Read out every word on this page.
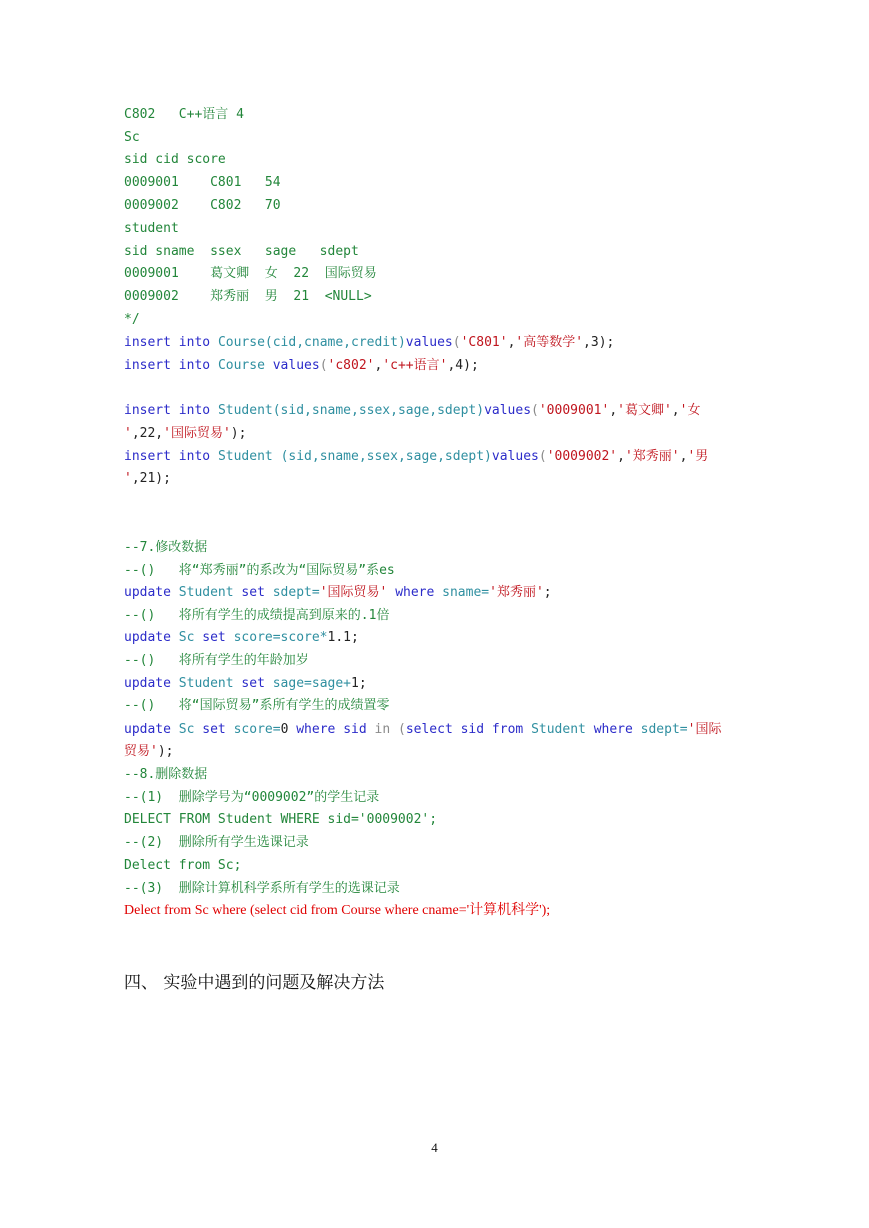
C802   C++语言 4
Sc
sid cid score
0009001    C801   54
0009002    C802   70
student
sid sname  ssex   sage   sdept
0009001    葛文卿  女  22  国际贸易
0009002    郑秀丽  男  21  <NULL>
*/
insert into Course(cid,cname,credit)values('C801','高等数学',3);
insert into Course values('c802','c++语言',4);
insert into Student(sid,sname,ssex,sage,sdept)values('0009001','葛文卿','女
',22,'国际贸易');
insert into Student (sid,sname,ssex,sage,sdept)values('0009002','郑秀丽','男
',21);
--7.修改数据
--()   将“郑秀丽”的系改为“国际贸易”系es
update Student set sdept='国际贸易' where sname='郑秀丽';
--()   将所有学生的成绩提高到原来的.1倍
update Sc set score=score*1.1;
--()   将所有学生的年龄加岁
update Student set sage=sage+1;
--()   将“国际贸易”系所有学生的成绩置零
update Sc set score=0 where sid in (select sid from Student where sdept='国际
贸易');
--8.删除数据
--(1)  删除学号为“0009002”的学生记录
DELECT FROM Student WHERE sid='0009002';
--(2)  删除所有学生选课记录
Delect from Sc;
--(3)  删除计算机科学系所有学生的选课记录
Delect from Sc where (select cid from Course where cname='计算机科学');
四、 实验中遇到的问题及解决方法
4
